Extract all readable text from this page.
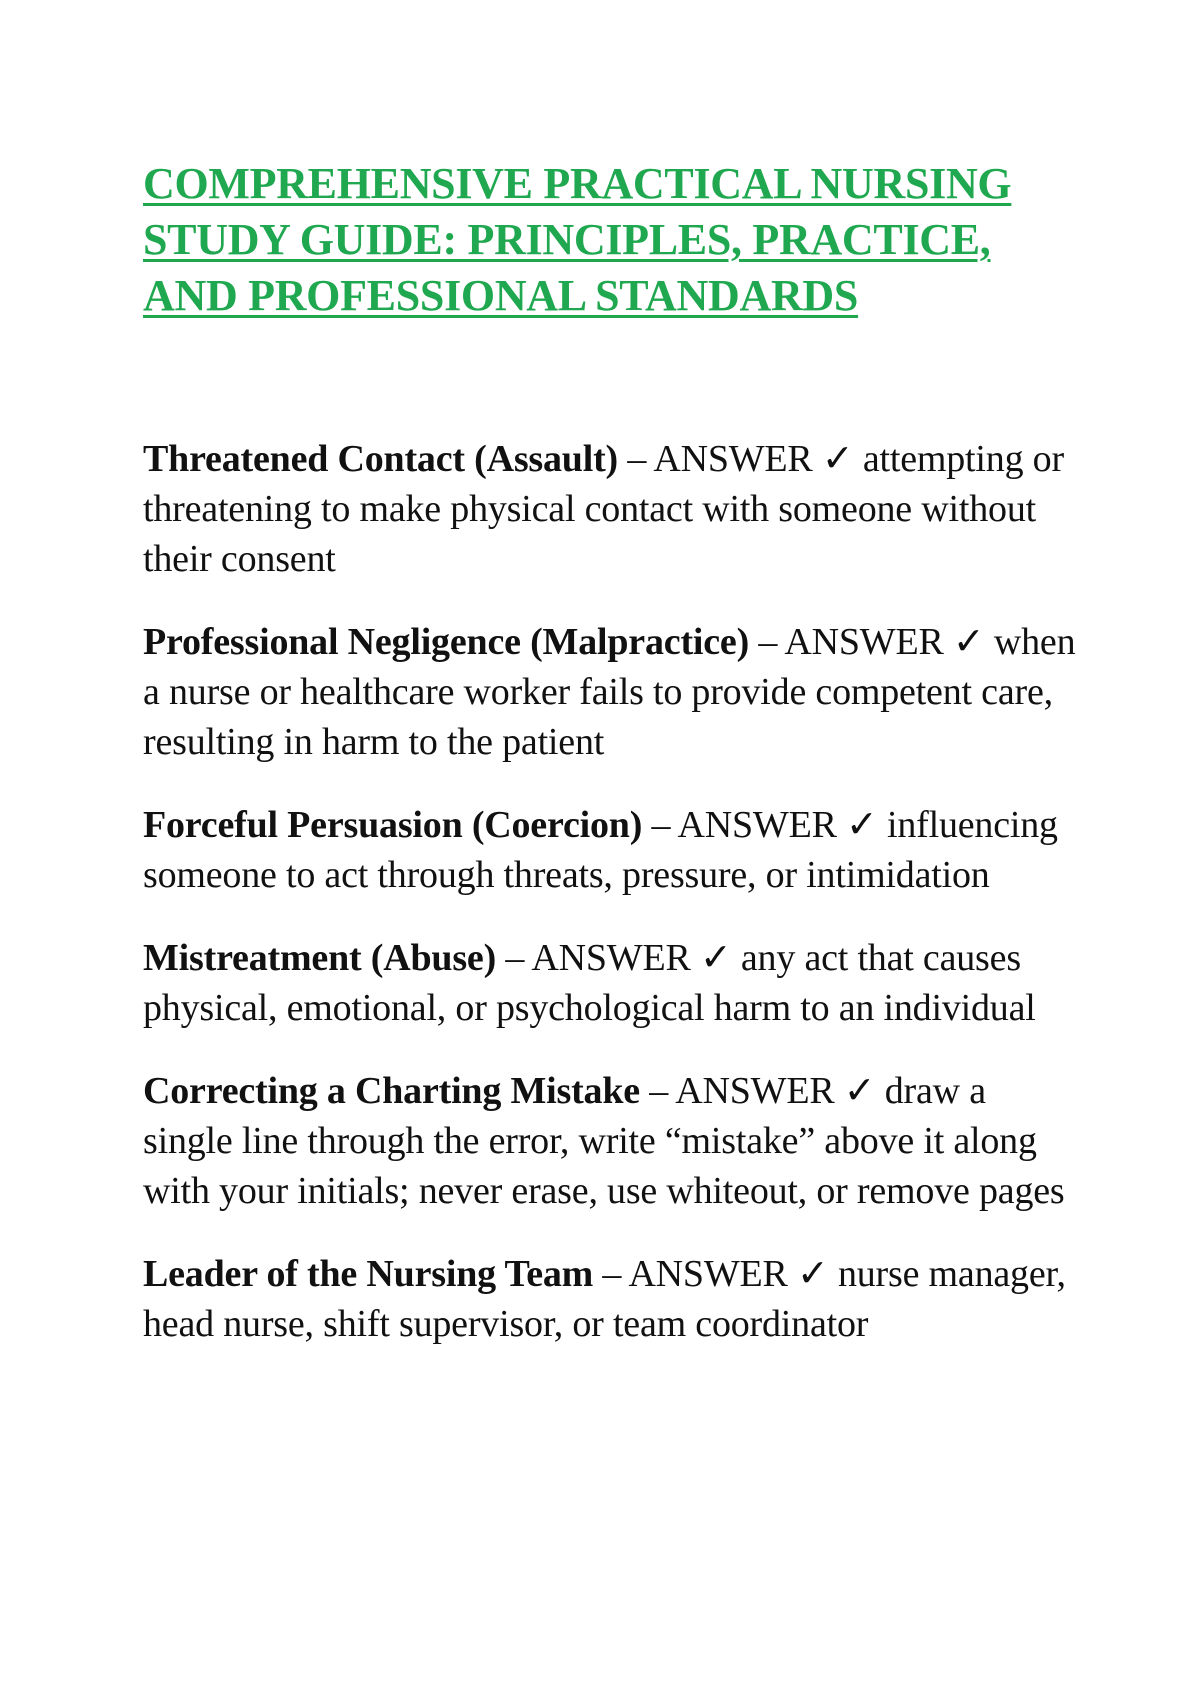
COMPREHENSIVE PRACTICAL NURSING STUDY GUIDE: PRINCIPLES, PRACTICE, AND PROFESSIONAL STANDARDS

Threatened Contact (Assault) – ANSWER ✓ attempting or threatening to make physical contact with someone without their consent

Professional Negligence (Malpractice) – ANSWER ✓ when a nurse or healthcare worker fails to provide competent care, resulting in harm to the patient

Forceful Persuasion (Coercion) – ANSWER ✓ influencing someone to act through threats, pressure, or intimidation

Mistreatment (Abuse) – ANSWER ✓ any act that causes physical, emotional, or psychological harm to an individual

Correcting a Charting Mistake – ANSWER ✓ draw a single line through the error, write “mistake” above it along with your initials; never erase, use whiteout, or remove pages

Leader of the Nursing Team – ANSWER ✓ nurse manager, head nurse, shift supervisor, or team coordinator
